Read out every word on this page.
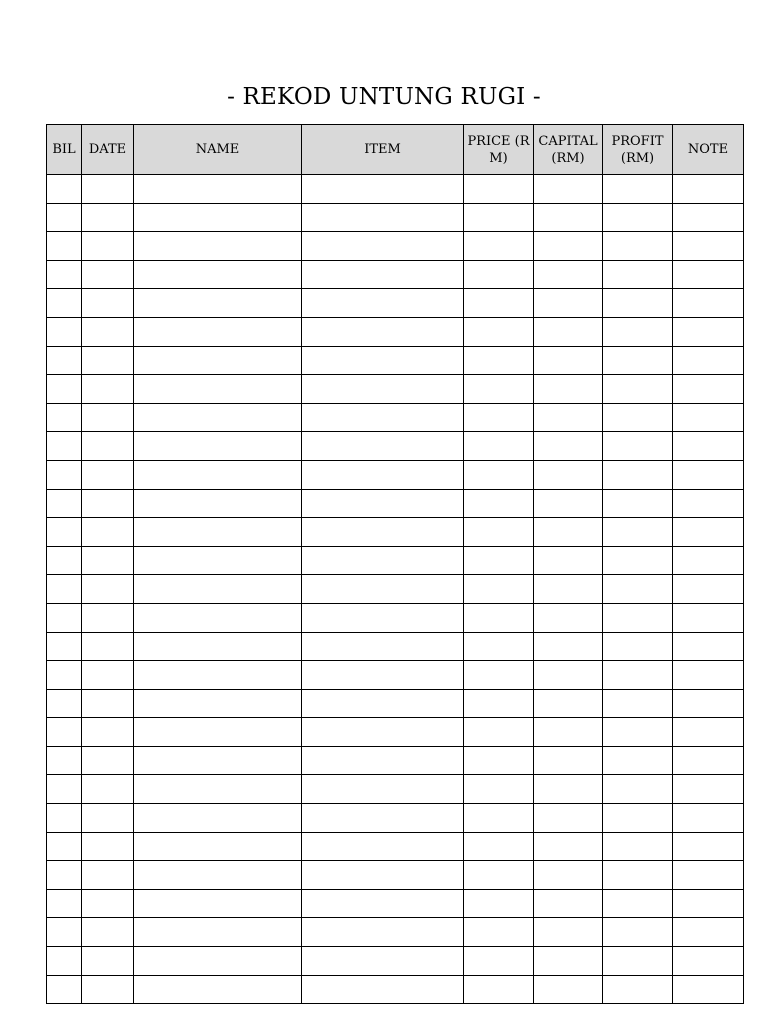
- REKOD UNTUNG RUGI -
BIL	DATE	NAME	ITEM	PRICE (RM)	CAPITAL (RM)	PROFIT (RM)	NOTE
